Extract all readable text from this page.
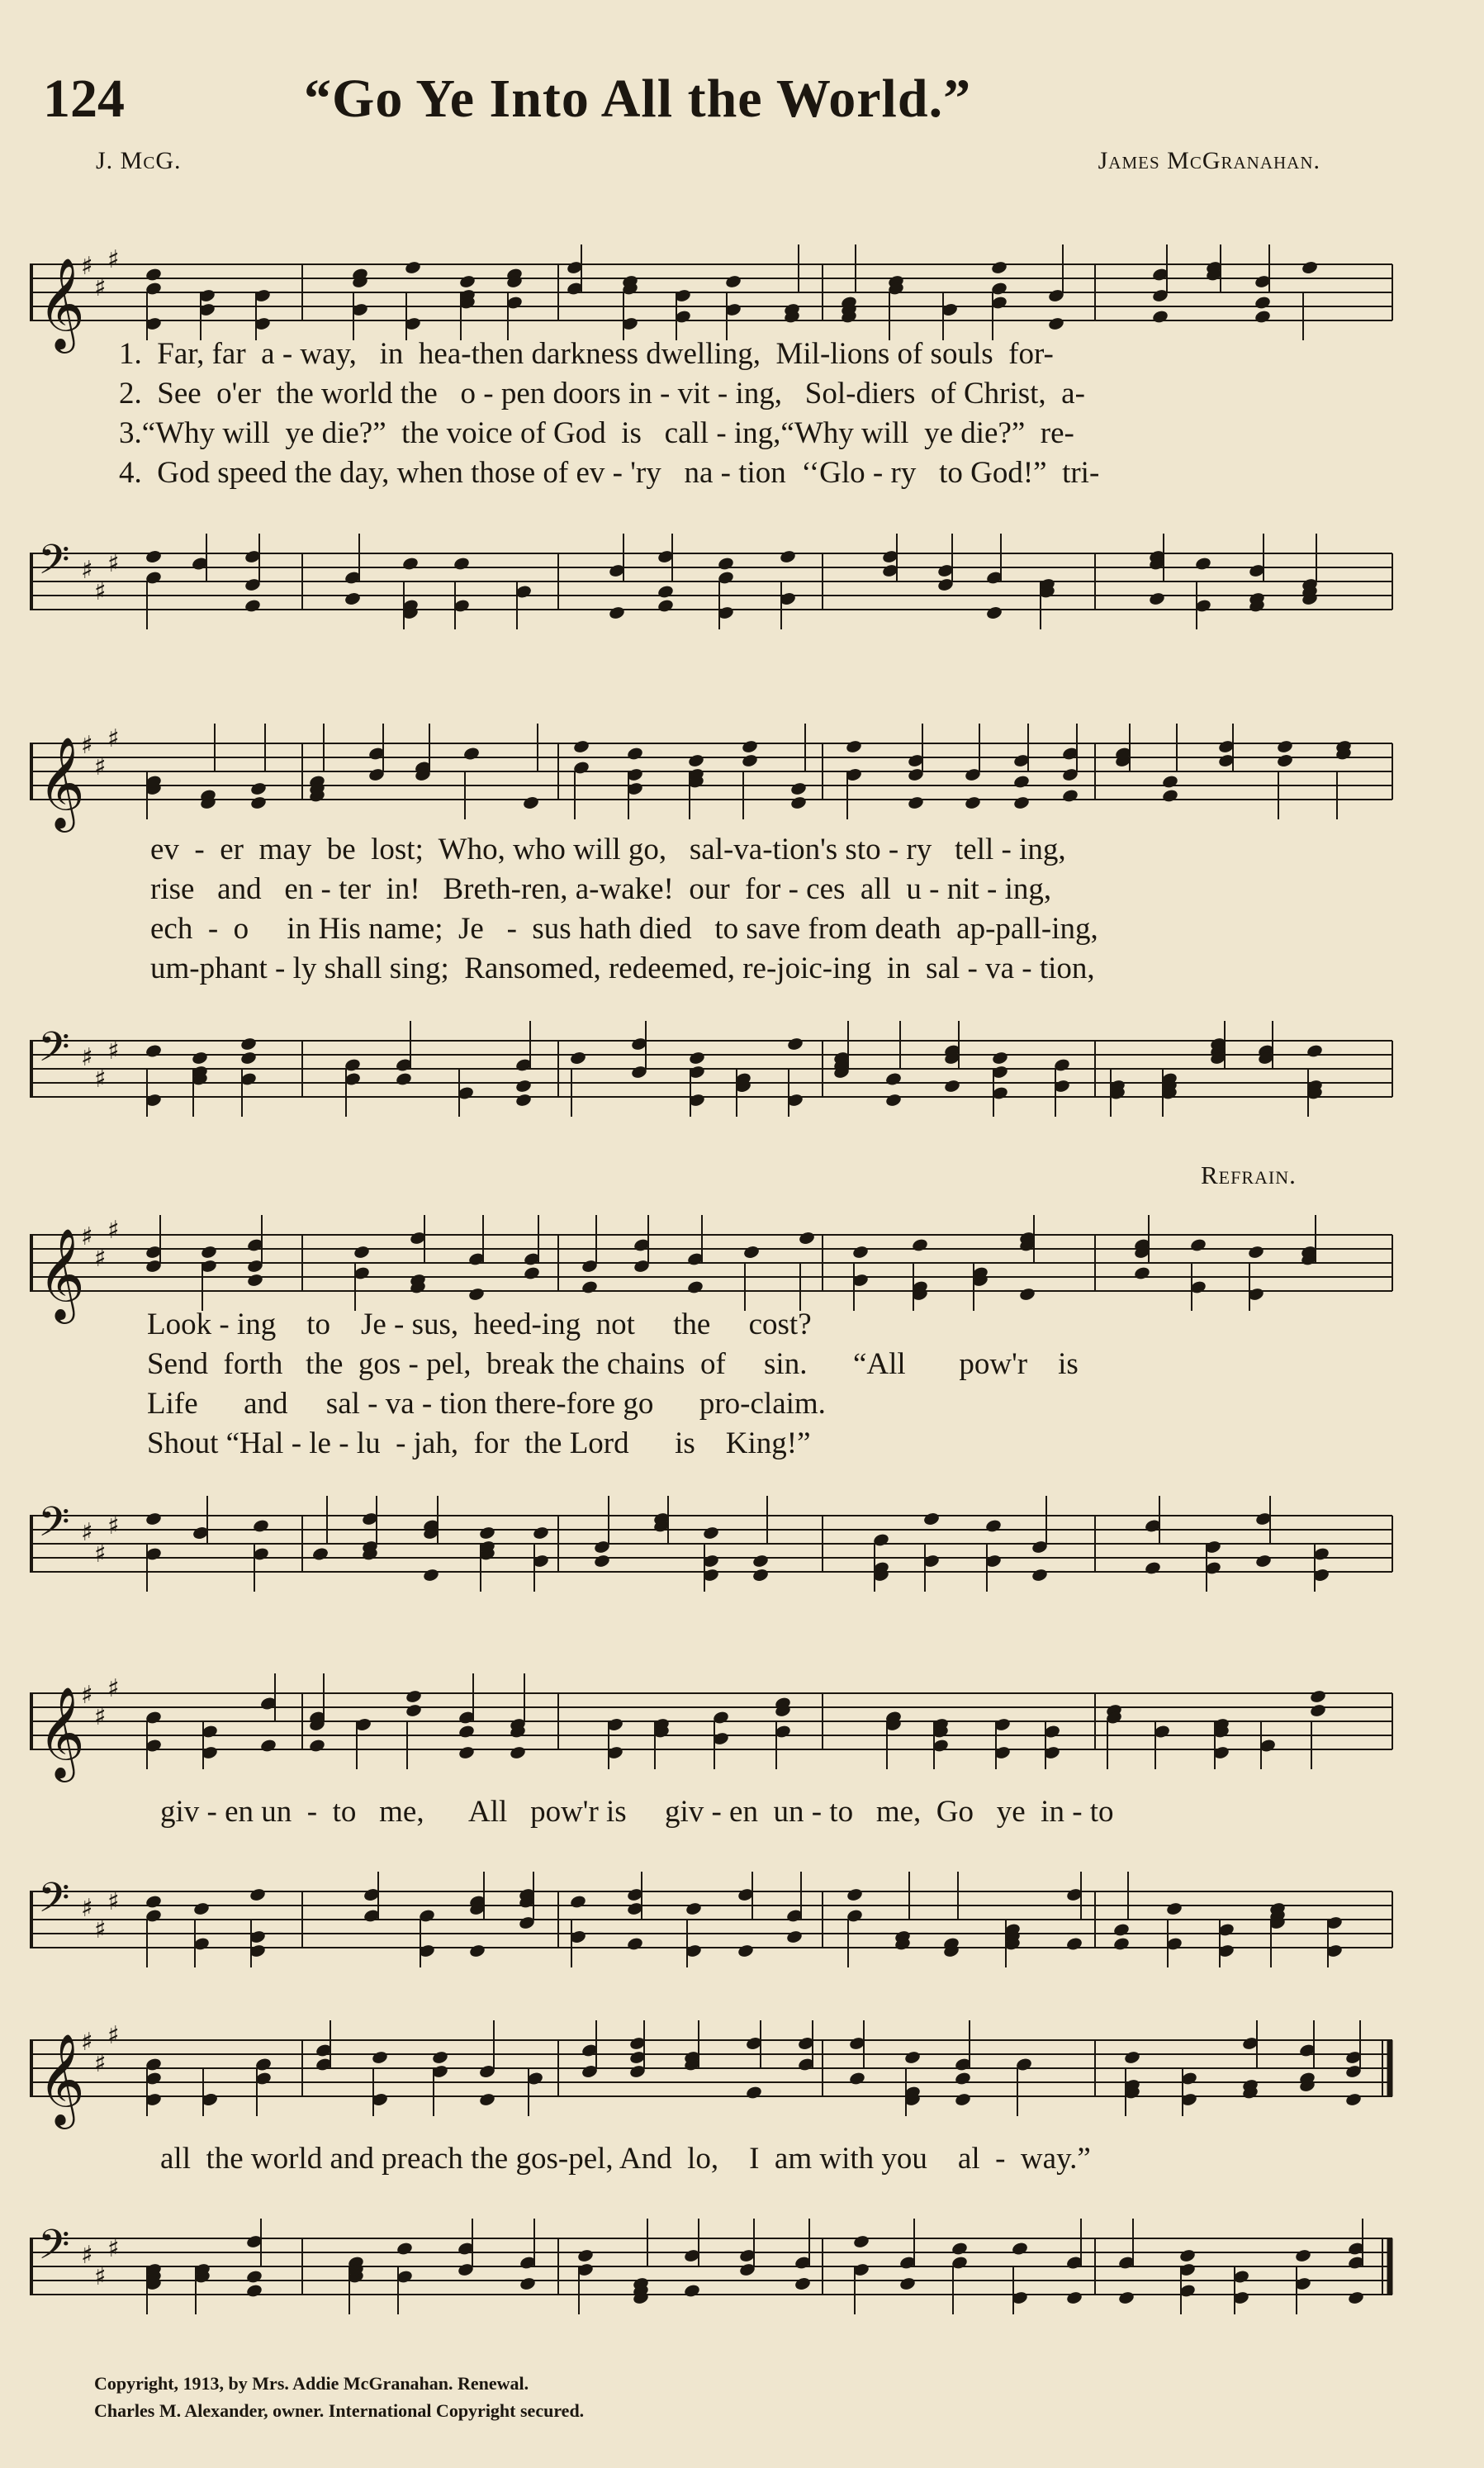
124	“Go Ye Into All the World.”
J. McG.	James McGranahan.
𝄞
♯
♯
♯
1.  Far, far  a - way,   in  hea-then darkness dwelling,  Mil-lions of souls  for-
2.  See  o'er  the world the   o - pen doors in - vit - ing,   Sol-diers  of Christ,  a-
3.“Why will  ye die?”  the voice of God  is   call - ing,“Why will  ye die?”  re-
4.  God speed the day, when those of ev - 'ry   na - tion  ‘‘Glo - ry   to God!”  tri-
𝄢 ♯
♯
♯
𝄞
♯
♯
♯
ev  -  er  may  be  lost;  Who, who will go,   sal-va-tion's sto - ry   tell - ing,
rise   and   en - ter  in!   Breth-ren, a-wake!  our  for - ces  all  u - nit - ing,
ech  -  o     in His name;  Je   -  sus hath died   to save from death  ap-pall-ing,
um-phant - ly shall sing;  Ransomed, redeemed, re-joic-ing  in  sal - va - tion,
𝄢 ♯
♯
♯
Refrain.
𝄞
♯
♯
♯
Look - ing    to    Je - sus,  heed-ing  not     the     cost?
Send  forth   the  gos - pel,  break the chains  of     sin.      “All       pow'r    is
Life      and     sal - va - tion there-fore go      pro-claim.
Shout “Hal - le - lu  - jah,  for  the Lord      is    King!”
𝄢 ♯
♯
♯
𝄞
♯
♯
♯
giv - en un  -  to   me,      All   pow'r is     giv - en  un - to   me,  Go   ye  in - to
𝄢 ♯
♯
♯
𝄞
♯
♯
♯
all  the world and preach the gos-pel, And  lo,    I  am with you    al  -  way.”
𝄢 ♯
♯
♯
Copyright, 1913, by Mrs. Addie McGranahan. Renewal.
Charles M. Alexander, owner. International Copyright secured.
